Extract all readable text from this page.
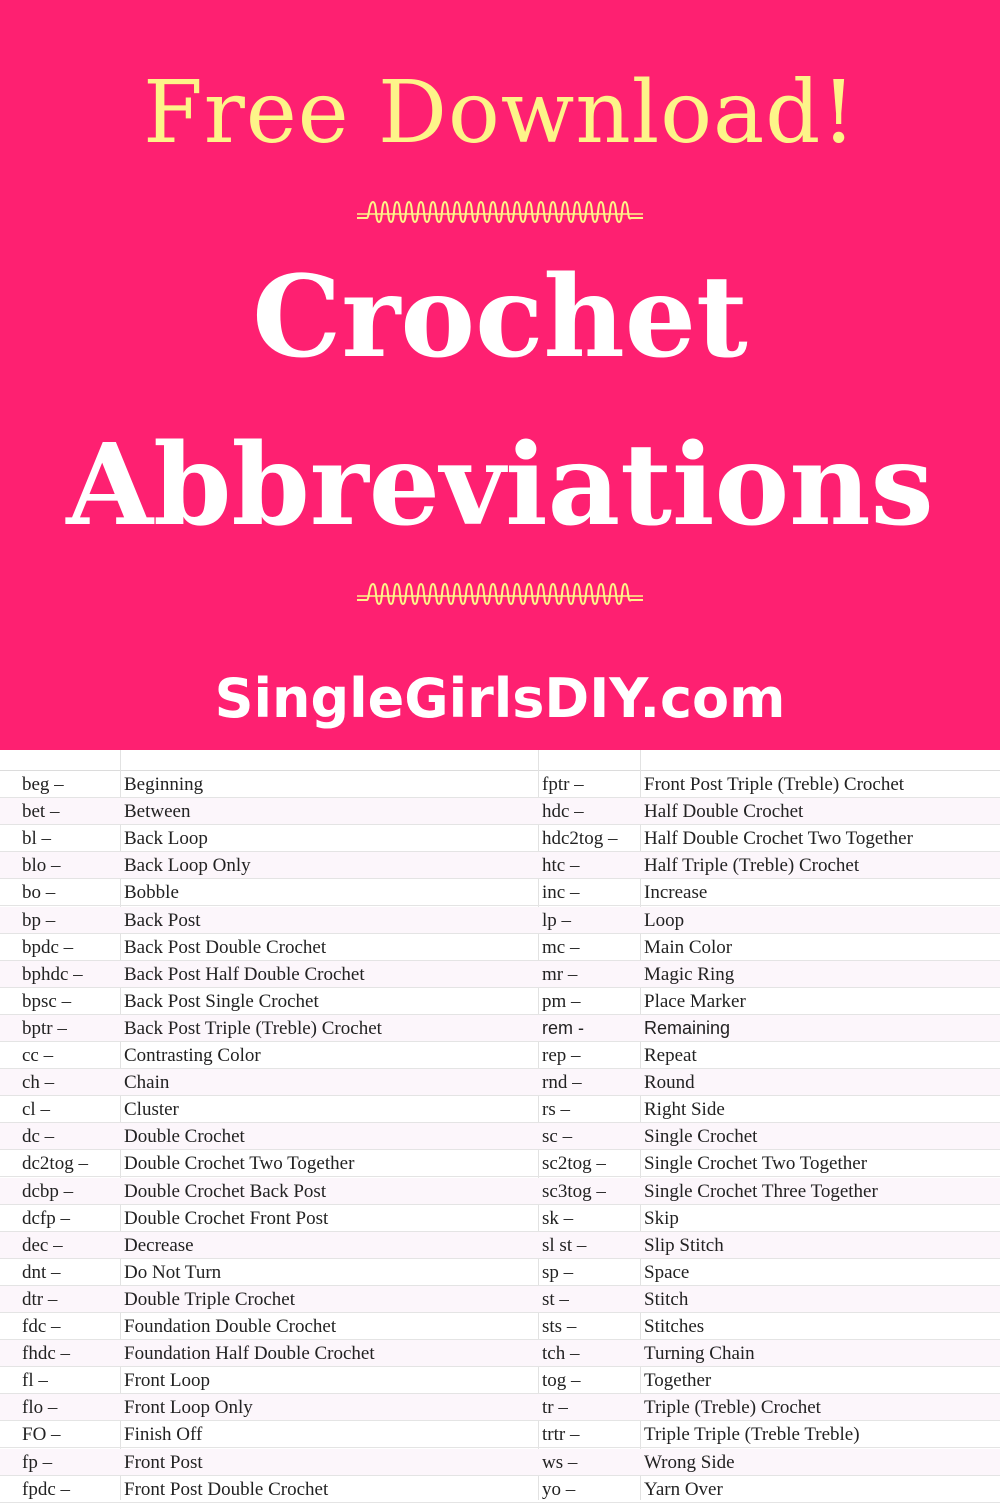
Free Download!
Crochet
Abbreviations
SingleGirlsDIY.com
beg –	Beginning	fptr –	Front Post Triple (Treble) Crochet
bet –	Between	hdc –	Half Double Crochet
bl –	Back Loop	hdc2tog – Half Double Crochet Two Together
blo –	Back Loop Only	htc –	Half Triple (Treble) Crochet
bo –	Bobble	inc –	Increase
bp –	Back Post	lp –	Loop
bpdc –	Back Post Double Crochet	mc –	Main Color
bphdc – Back Post Half Double Crochet	mr –	Magic Ring
bpsc –	Back Post Single Crochet	pm –	Place Marker
bptr –	Back Post Triple (Treble) Crochet	rem -	Remaining
cc –	Contrasting Color	rep –	Repeat
ch –	Chain	rnd –	Round
cl –	Cluster	rs –	Right Side
dc –	Double Crochet	sc –	Single Crochet
dc2tog – Double Crochet Two Together	sc2tog – Single Crochet Two Together
dcbp –	Double Crochet Back Post	sc3tog – Single Crochet Three Together
dcfp –	Double Crochet Front Post	sk –	Skip
dec –	Decrease	sl st –	Slip Stitch
dnt –	Do Not Turn	sp –	Space
dtr –	Double Triple Crochet	st –	Stitch
fdc –	Foundation Double Crochet	sts –	Stitches
fhdc –	Foundation Half Double Crochet	tch –	Turning Chain
fl –	Front Loop	tog –	Together
flo –	Front Loop Only	tr –	Triple (Treble) Crochet
FO –	Finish Off	trtr –	Triple Triple (Treble Treble)
fp –	Front Post	ws –	Wrong Side
fpdc –	Front Post Double Crochet	yo –	Yarn Over
